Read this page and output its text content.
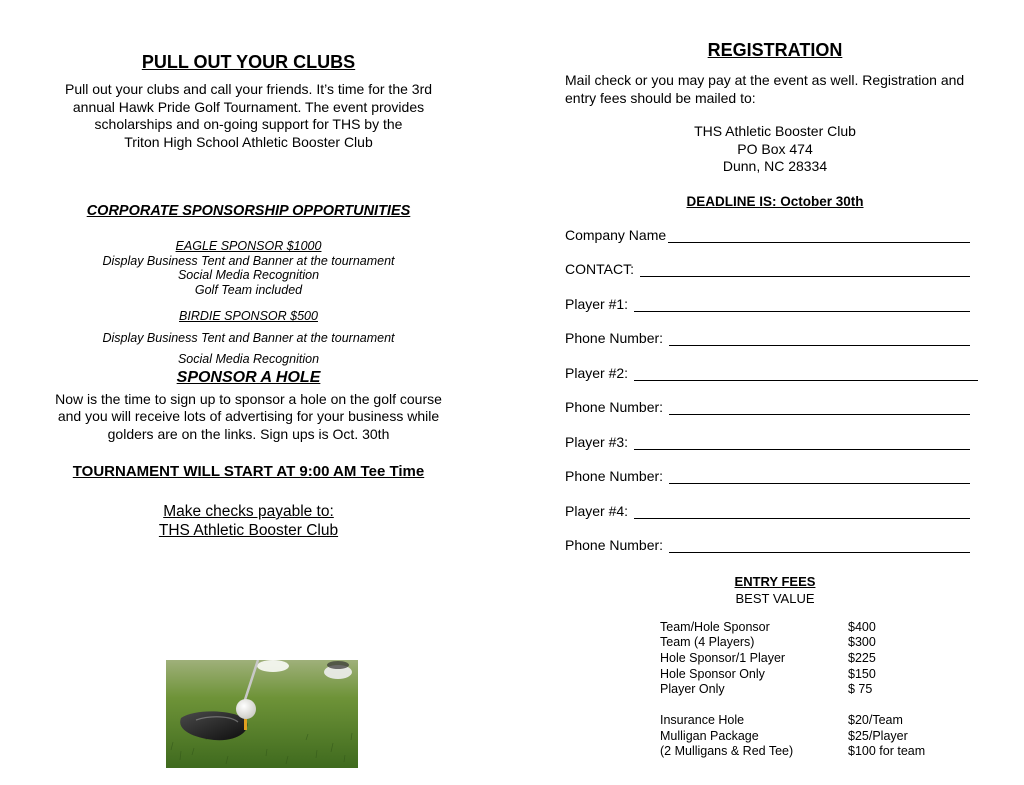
PULL OUT YOUR CLUBS
Pull out your clubs and call your friends. It’s time for the 3rd
annual Hawk Pride Golf Tournament. The event provides
scholarships and on-going support for THS by the
Triton High School Athletic Booster Club
CORPORATE SPONSORSHIP OPPORTUNITIES
EAGLE SPONSOR $1000
Display Business Tent and Banner at the tournament
Social Media Recognition
Golf Team included
BIRDIE SPONSOR $500
Display Business Tent and Banner at the tournament
Social Media Recognition
SPONSOR A HOLE
Now is the time to sign up to sponsor a hole on the golf course
and you will receive lots of advertising for your business while
golders are on the links. Sign ups is Oct. 30th
TOURNAMENT WILL START AT 9:00 AM Tee Time
Make checks payable to:
THS Athletic Booster Club
REGISTRATION
Mail check or you may pay at the event as well. Registration and
entry fees should be mailed to:
THS Athletic Booster Club
PO Box 474
Dunn, NC 28334
DEADLINE IS: October 30th
Company Name
CONTACT:
Player #1:
Phone Number:
Player #2:
Phone Number:
Player #3:
Phone Number:
Player #4:
Phone Number:
ENTRY FEES
BEST VALUE
Team/Hole Sponsor	$400
Team (4 Players)	$300
Hole Sponsor/1 Player	$225
Hole Sponsor Only	$150
Player Only	$ 75
Insurance Hole	$20/Team
Mulligan Package	$25/Player
(2 Mulligans & Red Tee)	$100 for team
